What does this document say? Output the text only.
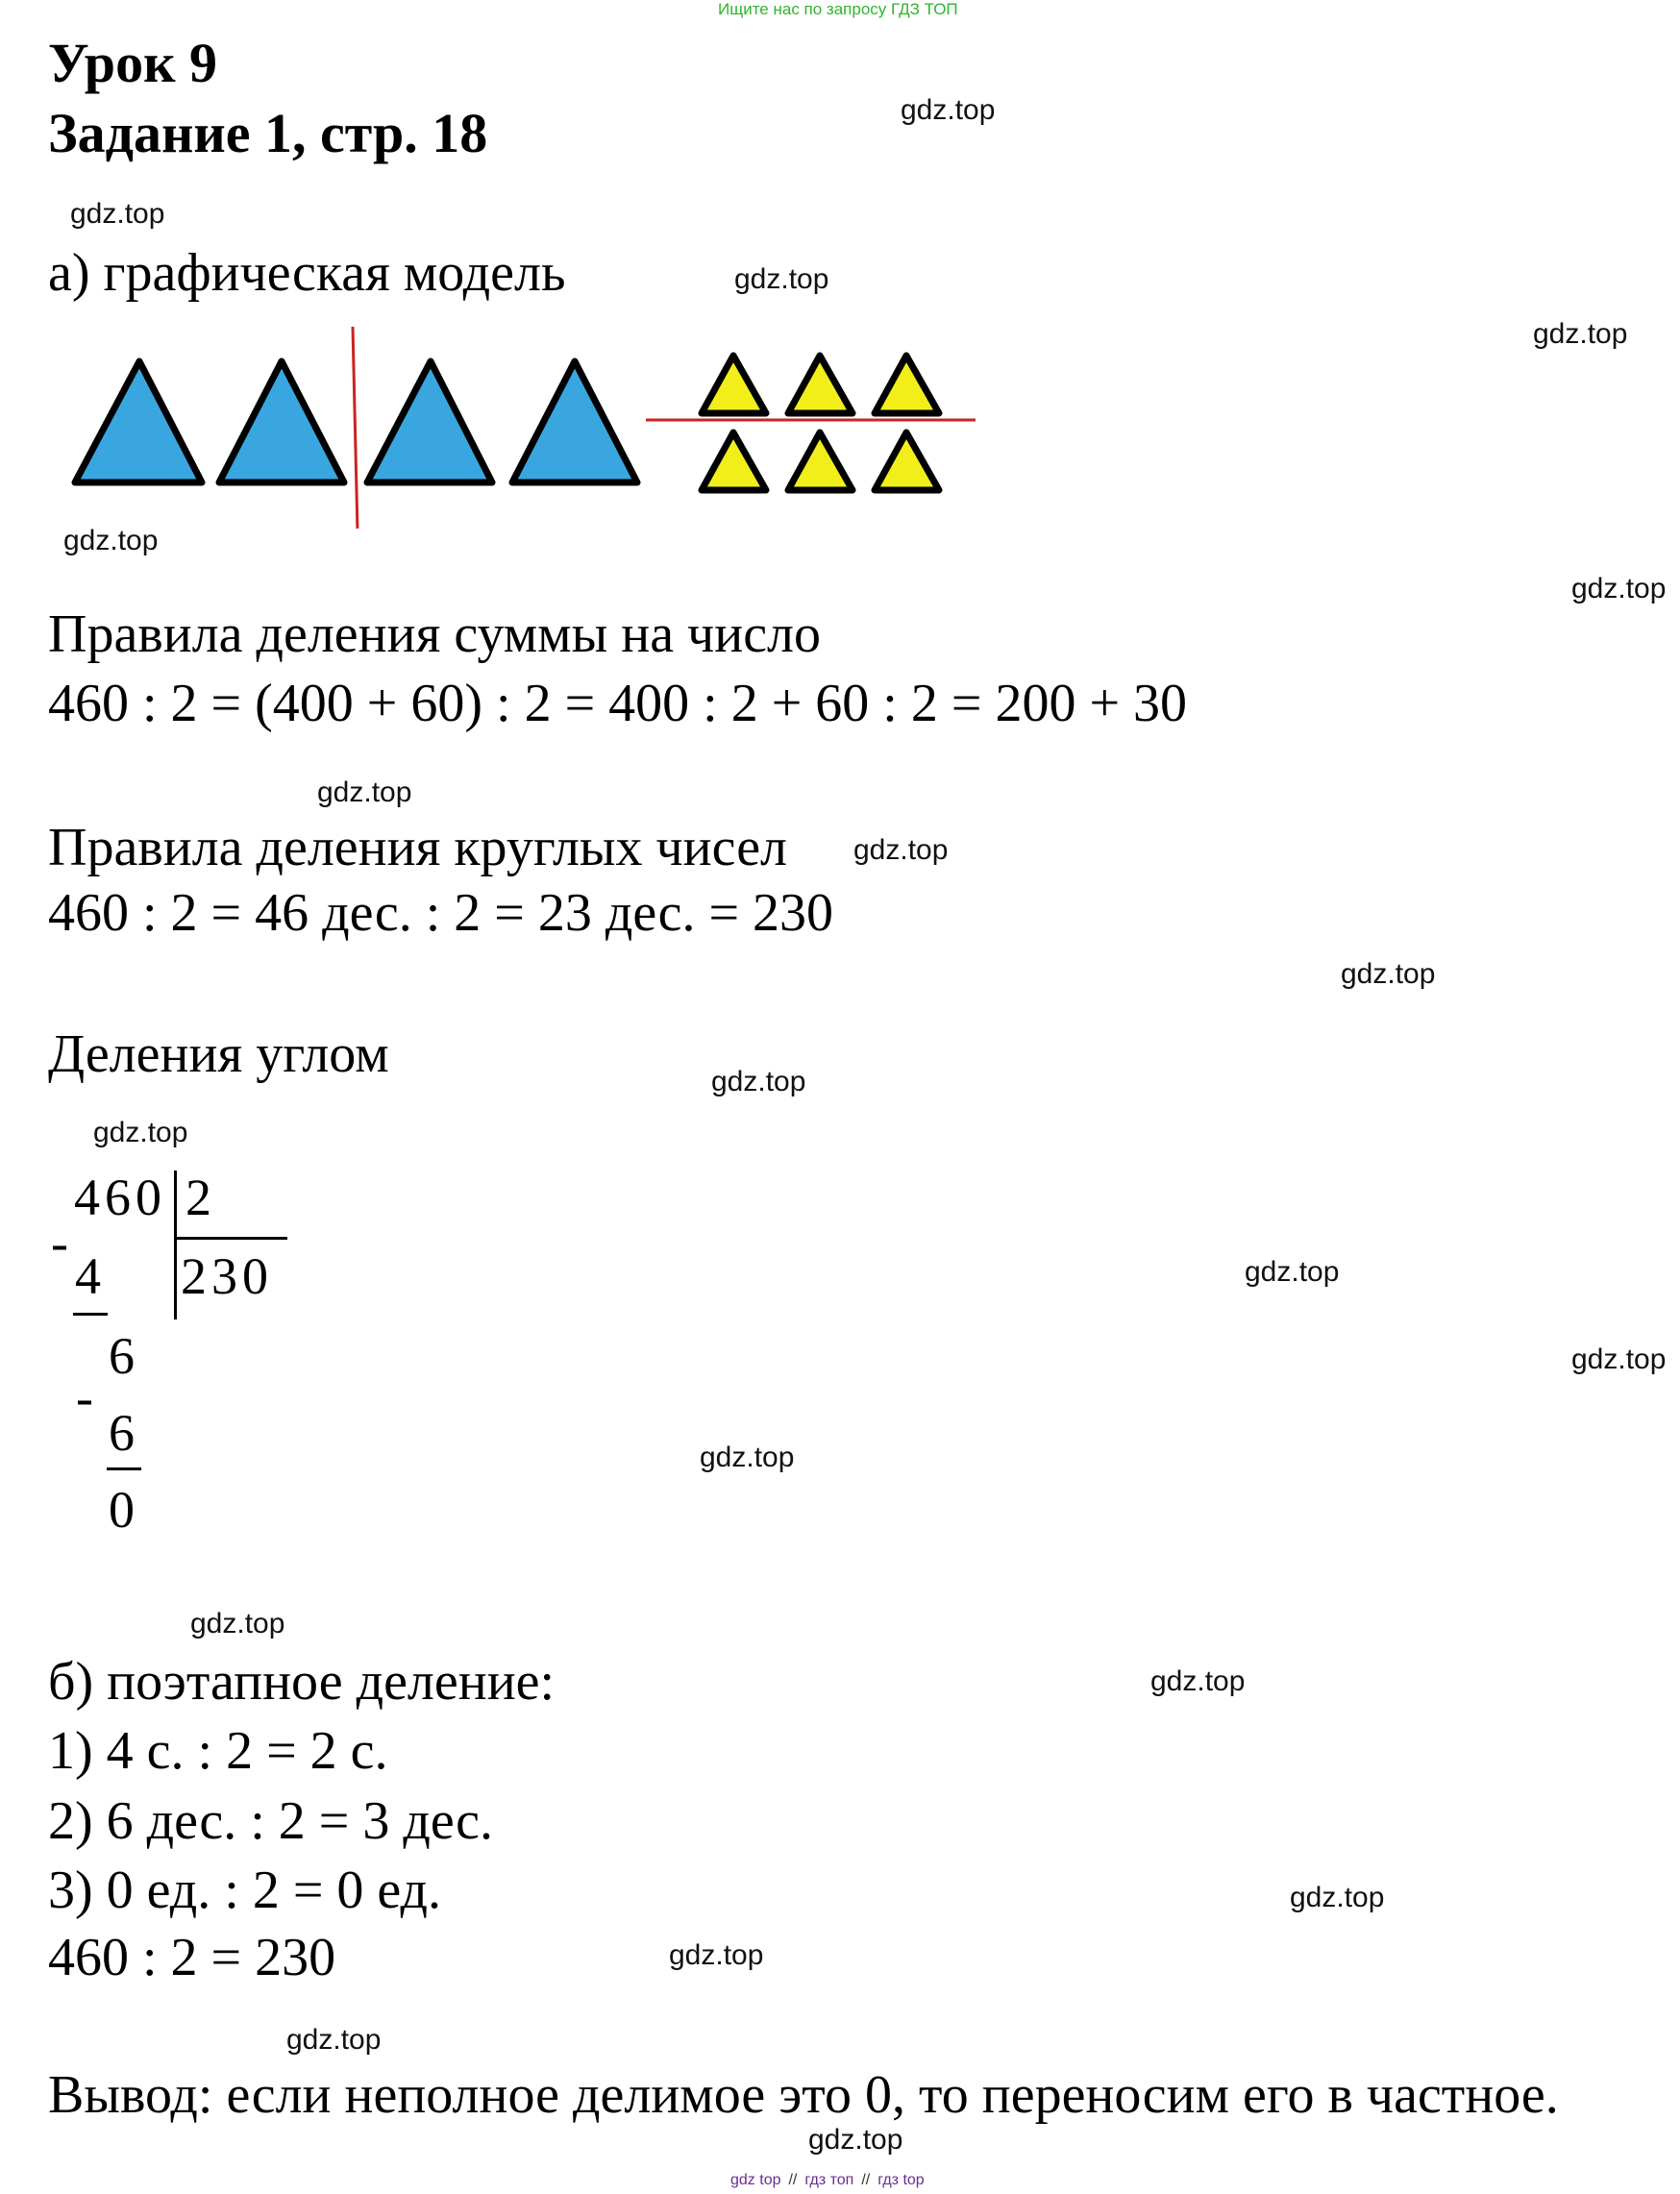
Ищите нас по запросу ГДЗ ТОП
Урок 9
Задание 1, стр. 18
а) графическая модель
Правила деления суммы на число
460 : 2 = (400 + 60) : 2 = 400 : 2 + 60 : 2 = 200 + 30
Правила деления круглых чисел
460 : 2 = 46 дес. : 2 = 23 дес. = 230
Деления углом
460 2
230
-
4
6
-
6
0
б) поэтапное деление:
1) 4 с. : 2 = 2 с.
2) 6 дес. : 2 = 3 дес.
3) 0 ед. : 2 = 0 ед.
460 : 2 = 230
Вывод: если неполное делимое это 0, то переносим его в частное.
gdz.top
gdz.top
gdz.top
gdz.top
gdz.top
gdz.top
gdz.top
gdz.top
gdz.top
gdz.top
gdz.top
gdz.top
gdz.top
gdz.top
gdz.top
gdz.top
gdz.top
gdz.top
gdz.top
gdz.top
gdz top // гдз топ // гдз top
